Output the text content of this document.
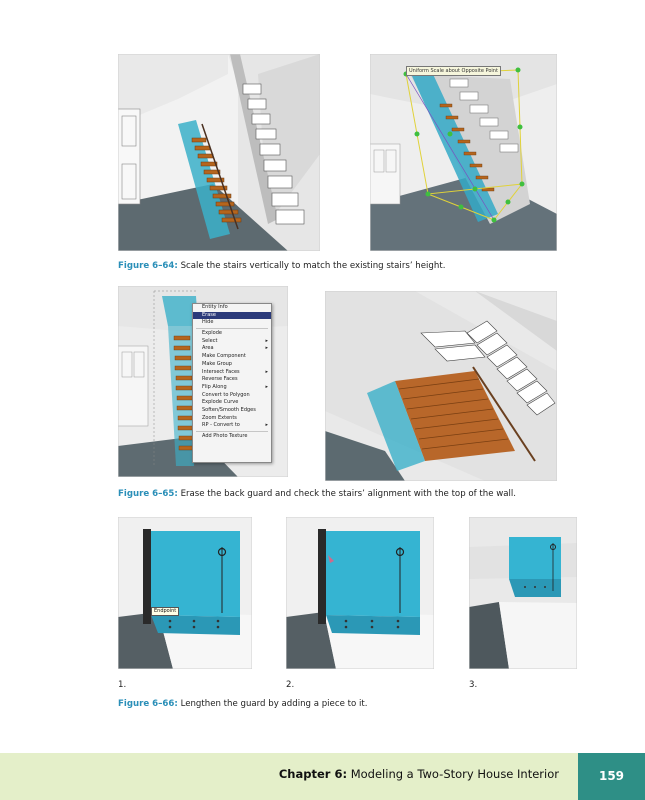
Uniform Scale about Opposite Point
Figure 6–64: Scale the stairs vertically to match the existing stairs’ height.
Entity Info
Erase
Hide
Explode
Select	▸
Area	▸
Make Component
Make Group
Intersect Faces	▸
Reverse Faces
Flip Along	▸
Convert to Polygon
Explode Curve
Soften/Smooth Edges
Zoom Extents
RP - Convert to	▸
Add Photo Texture
Figure 6–65: Erase the back guard and check the stairs’ alignment with the top of the wall.
Endpoint
1.	2.	3.
Figure 6–66: Lengthen the guard by adding a piece to it.
Chapter 6: Modeling a Two-Story House Interior	159
